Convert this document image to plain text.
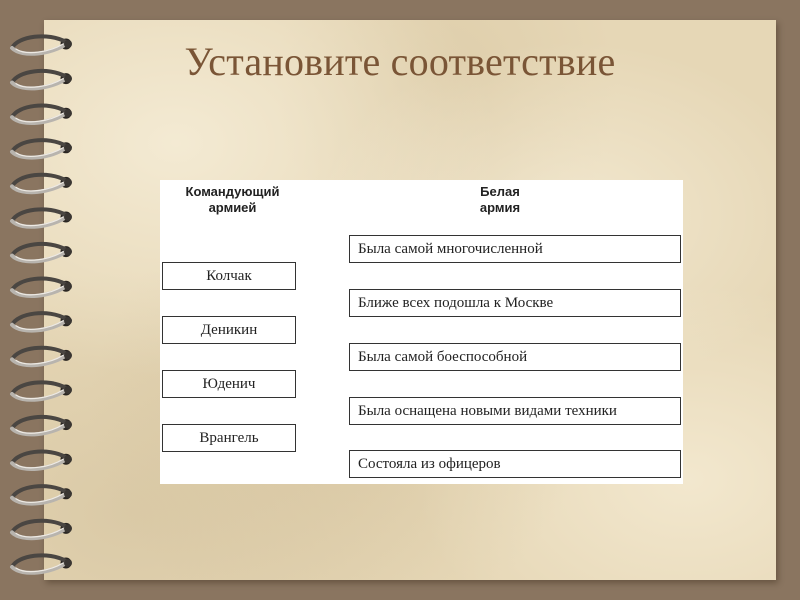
Установите соответствие
Командующий
армией
Белая армия
Была самой многочисленной
Колчак
Ближе всех подошла к Москве
Деникин
Была самой боеспособной
Юденич
Была оснащена новыми видами техники
Врангель
Состояла из офицеров
